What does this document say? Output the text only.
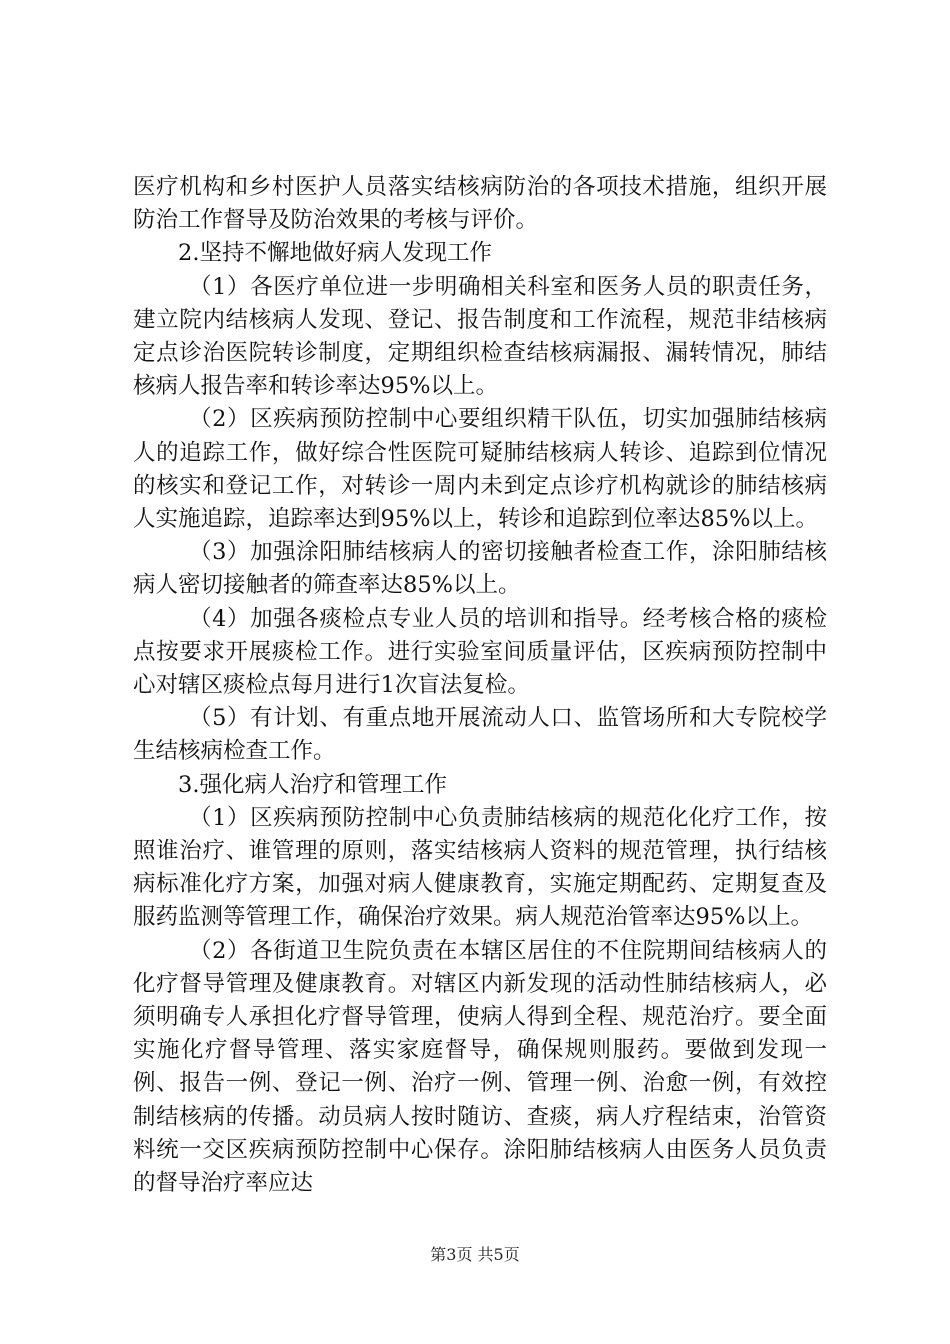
医疗机构和乡村医护人员落实结核病防治的各项技术措施，组织开展防治工作督导及防治效果的考核与评价。

2.坚持不懈地做好病人发现工作

（1）各医疗单位进一步明确相关科室和医务人员的职责任务，建立院内结核病人发现、登记、报告制度和工作流程，规范非结核病定点诊治医院转诊制度，定期组织检查结核病漏报、漏转情况，肺结核病人报告率和转诊率达95%以上。

（2）区疾病预防控制中心要组织精干队伍，切实加强肺结核病人的追踪工作，做好综合性医院可疑肺结核病人转诊、追踪到位情况的核实和登记工作，对转诊一周内未到定点诊疗机构就诊的肺结核病人实施追踪，追踪率达到95%以上，转诊和追踪到位率达85%以上。

（3）加强涂阳肺结核病人的密切接触者检查工作，涂阳肺结核病人密切接触者的筛查率达85%以上。

（4）加强各痰检点专业人员的培训和指导。经考核合格的痰检点按要求开展痰检工作。进行实验室间质量评估，区疾病预防控制中心对辖区痰检点每月进行1次盲法复检。

（5）有计划、有重点地开展流动人口、监管场所和大专院校学生结核病检查工作。

3.强化病人治疗和管理工作

（1）区疾病预防控制中心负责肺结核病的规范化化疗工作，按照谁治疗、谁管理的原则，落实结核病人资料的规范管理，执行结核病标准化疗方案，加强对病人健康教育，实施定期配药、定期复查及服药监测等管理工作，确保治疗效果。病人规范治管率达95%以上。

（2）各街道卫生院负责在本辖区居住的不住院期间结核病人的化疗督导管理及健康教育。对辖区内新发现的活动性肺结核病人，必须明确专人承担化疗督导管理，使病人得到全程、规范治疗。要全面实施化疗督导管理、落实家庭督导，确保规则服药。要做到发现一例、报告一例、登记一例、治疗一例、管理一例、治愈一例，有效控制结核病的传播。动员病人按时随访、查痰，病人疗程结束，治管资料统一交区疾病预防控制中心保存。涂阳肺结核病人由医务人员负责的督导治疗率应达

第3页 共5页
